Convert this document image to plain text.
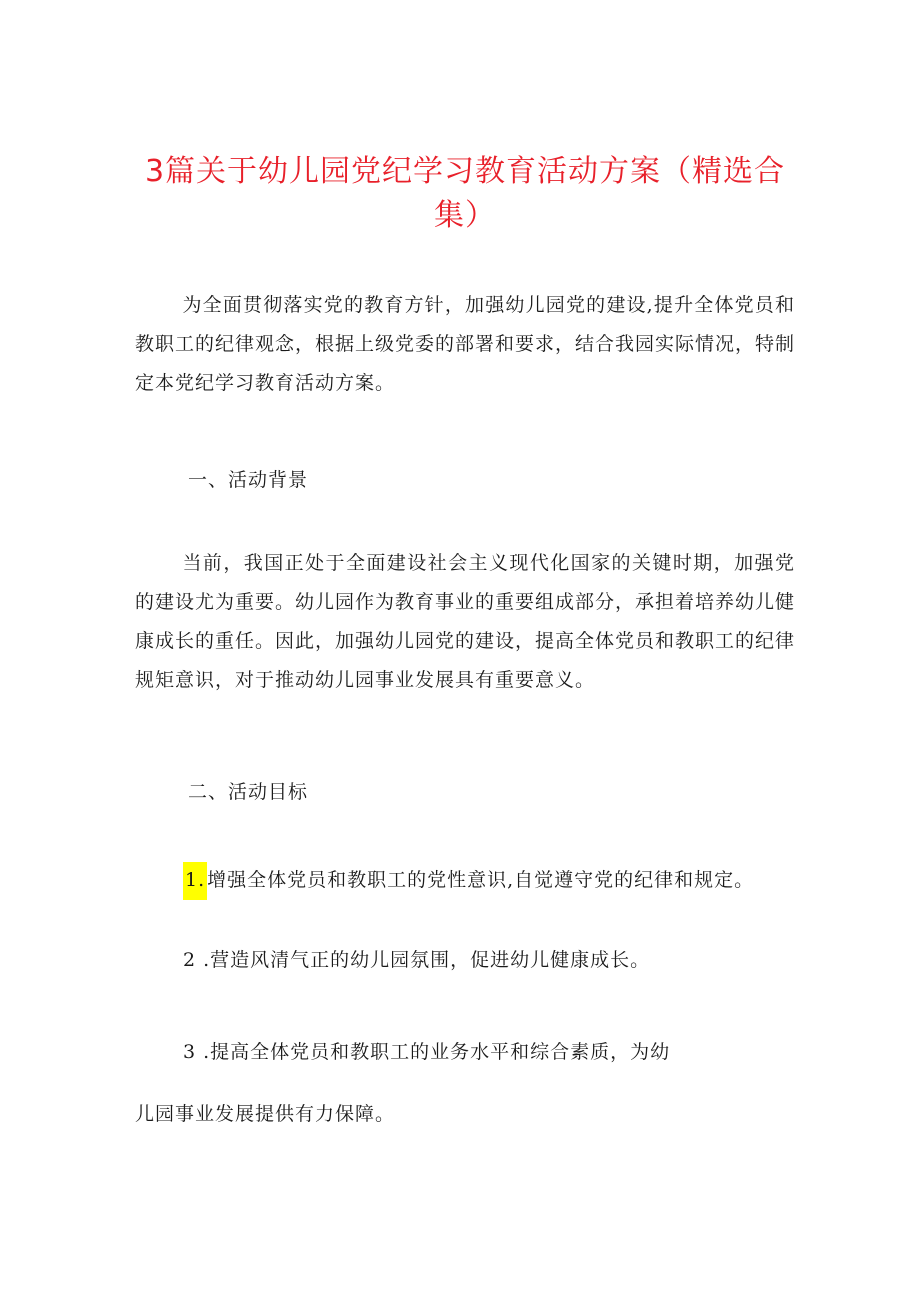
3篇关于幼儿园党纪学习教育活动方案（精选合集）

为全面贯彻落实党的教育方针，加强幼儿园党的建设,提升全体党员和教职工的纪律观念，根据上级党委的部署和要求，结合我园实际情况，特制定本党纪学习教育活动方案。

一、活动背景

当前，我国正处于全面建设社会主义现代化国家的关键时期，加强党的建设尤为重要。幼儿园作为教育事业的重要组成部分，承担着培养幼儿健康成长的重任。因此，加强幼儿园党的建设，提高全体党员和教职工的纪律规矩意识，对于推动幼儿园事业发展具有重要意义。

二、活动目标

1. 增强全体党员和教职工的党性意识,自觉遵守党的纪律和规定。

2 .营造风清气正的幼儿园氛围，促进幼儿健康成长。

3 .提高全体党员和教职工的业务水平和综合素质，为幼

儿园事业发展提供有力保障。
